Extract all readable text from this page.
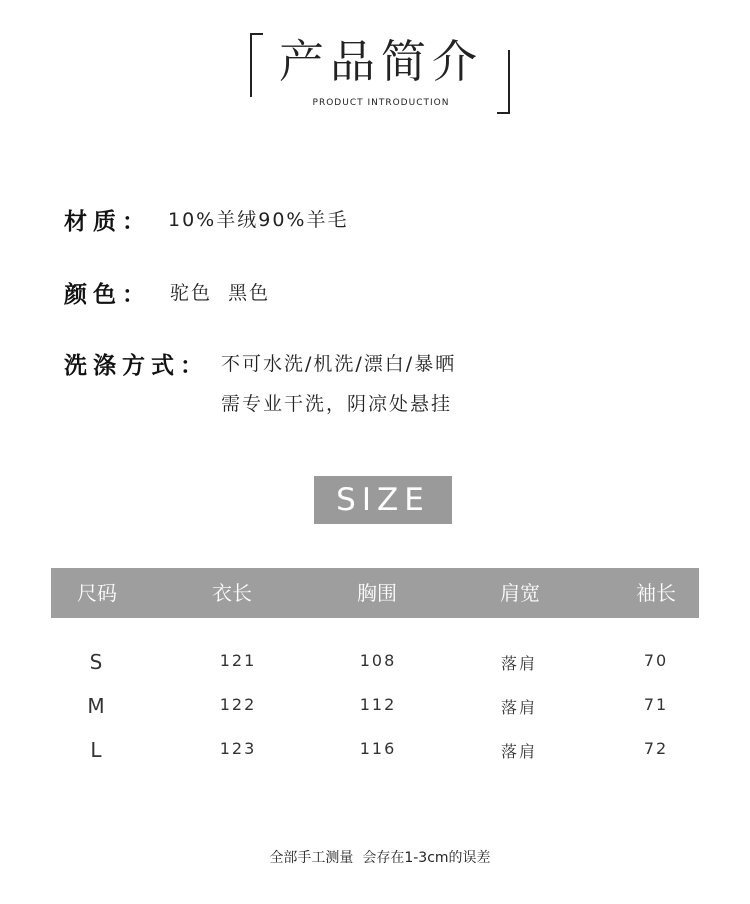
产品简介
PRODUCT INTRODUCTION
材质： 10%羊绒90%羊毛
颜色： 驼色  黑色
洗涤方式： 不可水洗/机洗/漂白/暴晒
需专业干洗，阴凉处悬挂
SIZE
尺码	衣长	胸围	肩宽	袖长
S	121	108	落肩	70
M	122	112	落肩	71
L	123	116	落肩	72
全部手工测量  会存在1-3cm的误差
